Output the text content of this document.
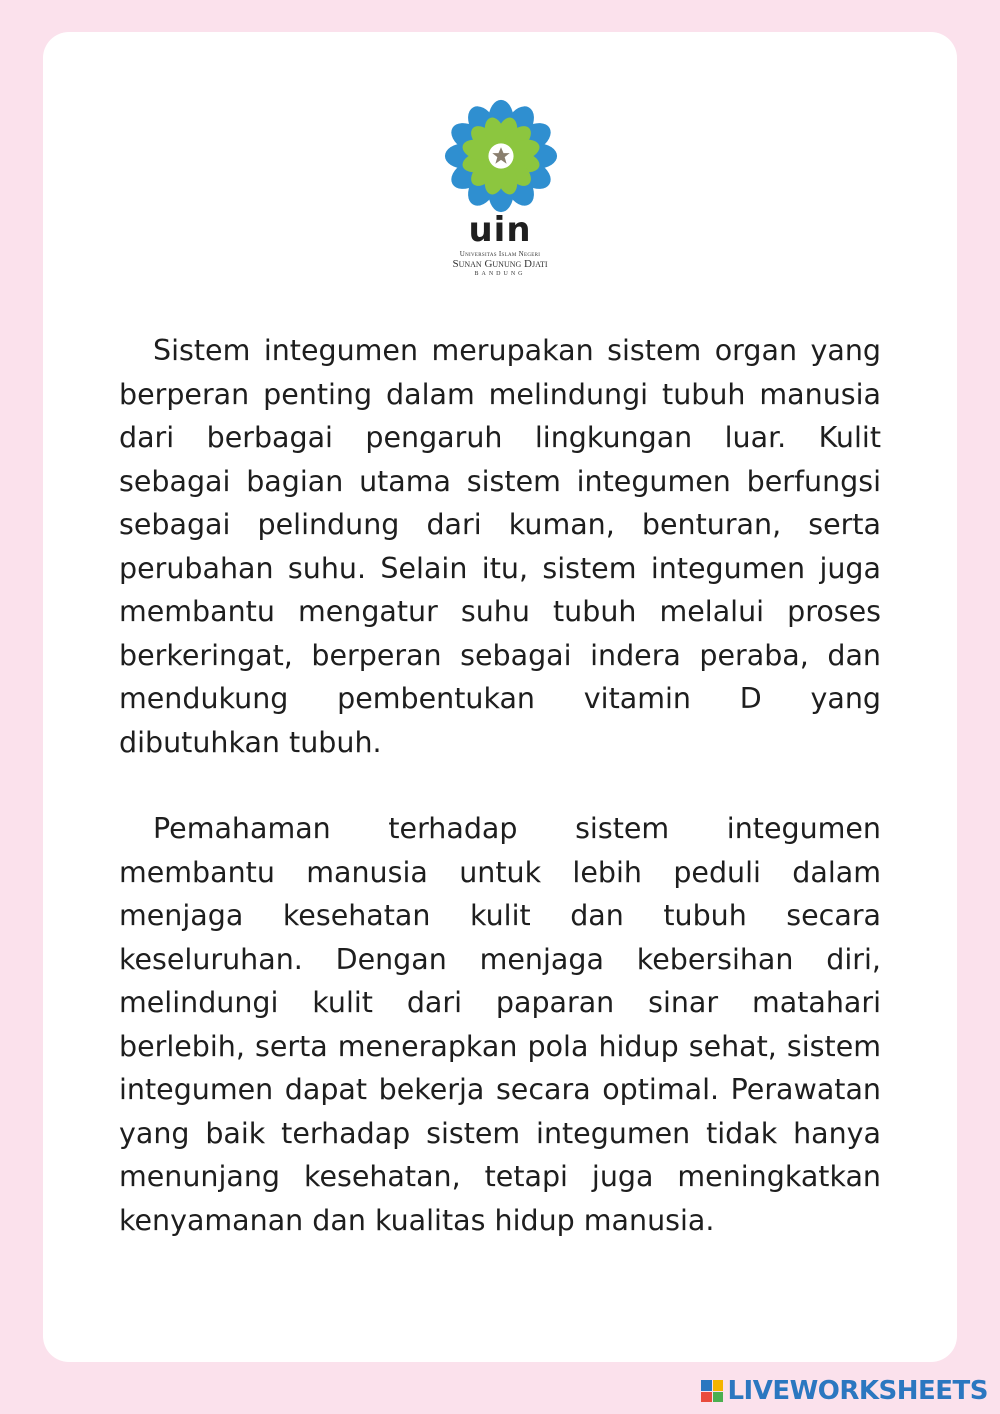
uin
Universitas Islam Negeri
Sunan Gunung Djati
BANDUNG

Sistem integumen merupakan sistem organ yang berperan penting dalam melindungi tubuh manusia dari berbagai pengaruh lingkungan luar. Kulit sebagai bagian utama sistem integumen berfungsi sebagai pelindung dari kuman, benturan, serta perubahan suhu. Selain itu, sistem integumen juga membantu mengatur suhu tubuh melalui proses berkeringat, berperan sebagai indera peraba, dan mendukung pembentukan vitamin D yang dibutuhkan tubuh.

Pemahaman terhadap sistem integumen membantu manusia untuk lebih peduli dalam menjaga kesehatan kulit dan tubuh secara keseluruhan. Dengan menjaga kebersihan diri, melindungi kulit dari paparan sinar matahari berlebih, serta menerapkan pola hidup sehat, sistem integumen dapat bekerja secara optimal. Perawatan yang baik terhadap sistem integumen tidak hanya menunjang kesehatan, tetapi juga meningkatkan kenyamanan dan kualitas hidup manusia.

LIVEWORKSHEETS
